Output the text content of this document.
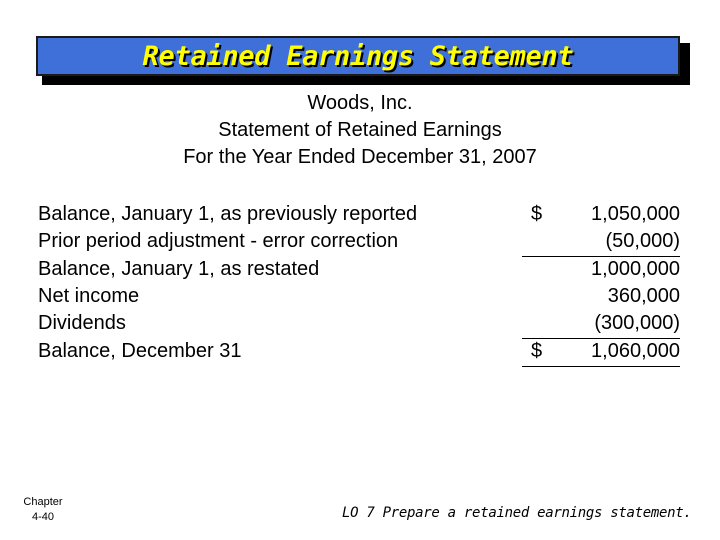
Retained Earnings Statement
Woods, Inc.
Statement of Retained Earnings
For the Year Ended December 31, 2007
Balance, January 1, as previously reported	$ 1,050,000
Prior period adjustment - error correction	(50,000)
Balance, January 1, as restated	1,000,000
Net income	360,000
Dividends	(300,000)
Balance, December 31	$ 1,060,000
Chapter
4-40	LO 7 Prepare a retained earnings statement.
